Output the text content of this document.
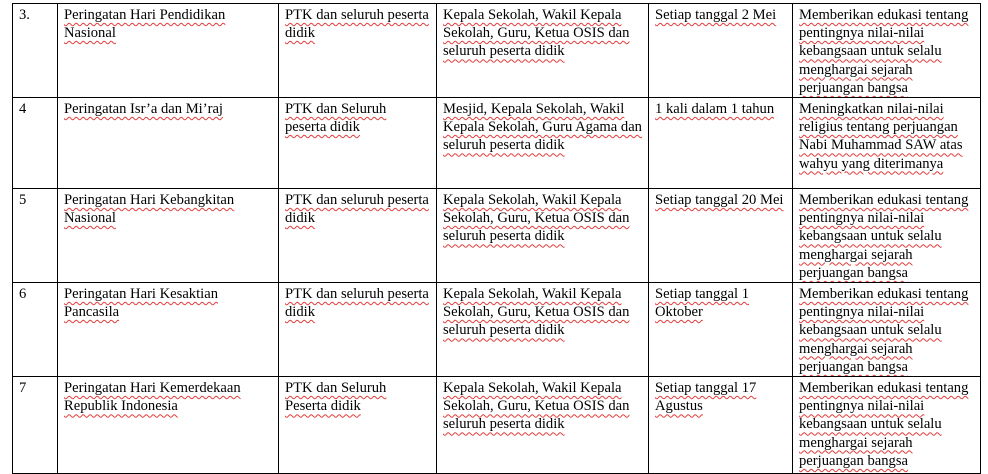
3.	Peringatan Hari Pendidikan Nasional	PTK dan seluruh peserta didik	Kepala Sekolah, Wakil Kepala Sekolah, Guru, Ketua OSIS dan seluruh peserta didik	Setiap tanggal 2 Mei	Memberikan edukasi tentang pentingnya nilai-nilai kebangsaan untuk selalu menghargai sejarah perjuangan bangsa
4	Peringatan Isr’a dan Mi’raj	PTK dan Seluruh peserta didik	Mesjid, Kepala Sekolah, Wakil Kepala Sekolah, Guru Agama dan seluruh peserta didik	1 kali dalam 1 tahun	Meningkatkan nilai-nilai religius tentang perjuangan Nabi Muhammad SAW atas wahyu yang diterimanya
5	Peringatan Hari Kebangkitan Nasional	PTK dan seluruh peserta didik	Kepala Sekolah, Wakil Kepala Sekolah, Guru, Ketua OSIS dan seluruh peserta didik	Setiap tanggal 20 Mei	Memberikan edukasi tentang pentingnya nilai-nilai kebangsaan untuk selalu menghargai sejarah perjuangan bangsa
6	Peringatan Hari Kesaktian Pancasila	PTK dan seluruh peserta didik	Kepala Sekolah, Wakil Kepala Sekolah, Guru, Ketua OSIS dan seluruh peserta didik	Setiap tanggal 1 Oktober	Memberikan edukasi tentang pentingnya nilai-nilai kebangsaan untuk selalu menghargai sejarah perjuangan bangsa
7	Peringatan Hari Kemerdekaan Republik Indonesia	PTK dan Seluruh Peserta didik	Kepala Sekolah, Wakil Kepala Sekolah, Guru, Ketua OSIS dan seluruh peserta didik	Setiap tanggal 17 Agustus	Memberikan edukasi tentang pentingnya nilai-nilai kebangsaan untuk selalu menghargai sejarah perjuangan bangsa
